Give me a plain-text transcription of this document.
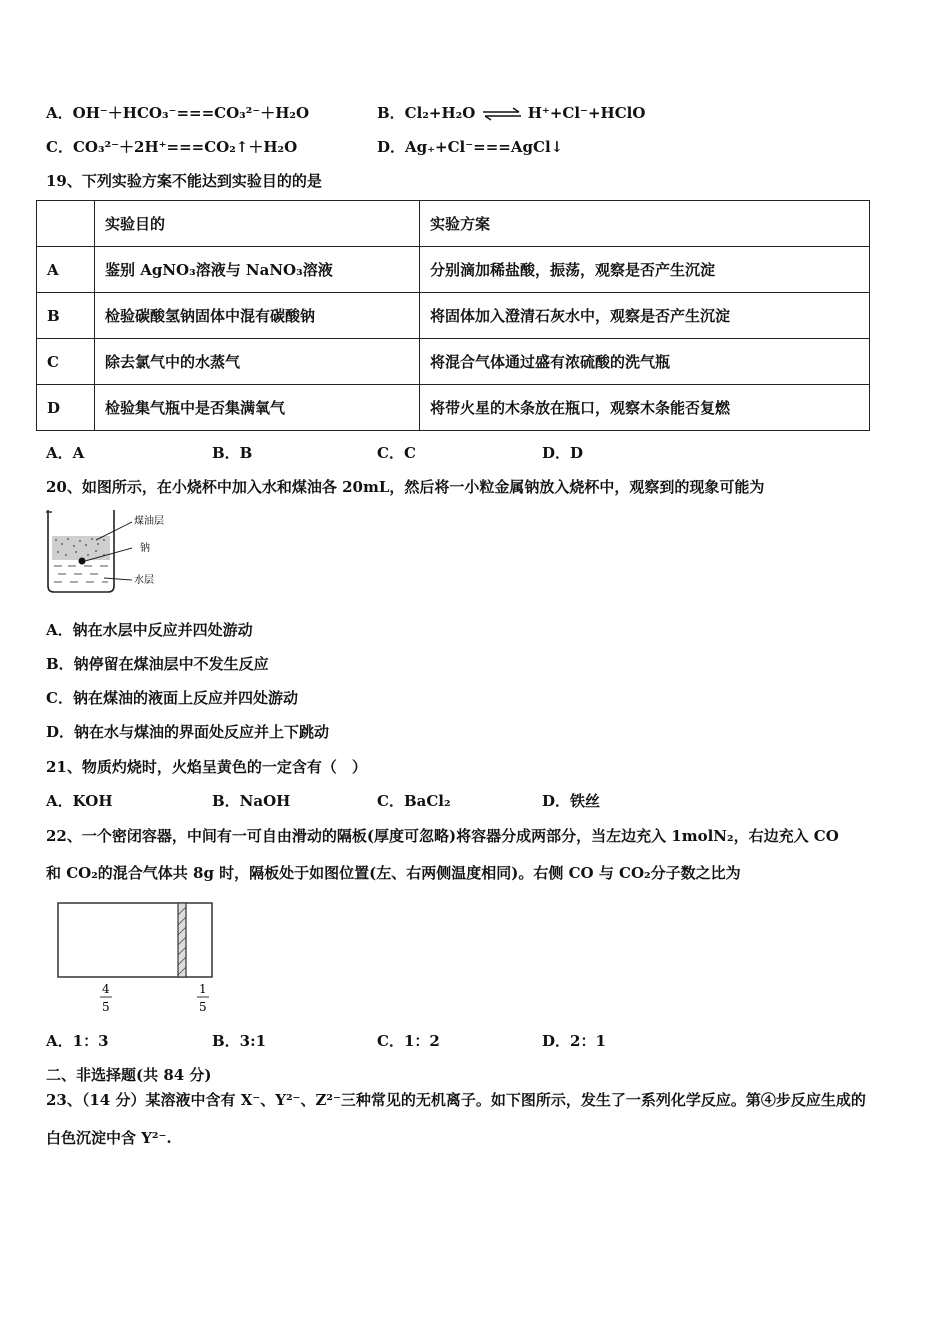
A．OH⁻＋HCO₃⁻===CO₃²⁻＋H₂O	B．Cl₂+H₂O ⇌ H⁺+Cl⁻+HClO
C．CO₃²⁻＋2H⁺===CO₂↑＋H₂O	D．Ag₊+Cl⁻===AgCl↓
19、下列实验方案不能达到实验目的的是
	实验目的	实验方案
A	鉴别 AgNO₃溶液与 NaNO₃溶液	分别滴加稀盐酸，振荡，观察是否产生沉淀
B	检验碳酸氢钠固体中混有碳酸钠	将固体加入澄清石灰水中，观察是否产生沉淀
C	除去氯气中的水蒸气	将混合气体通过盛有浓硫酸的洗气瓶
D	检验集气瓶中是否集满氧气	将带火星的木条放在瓶口，观察木条能否复燃
A．A	B．B	C．C	D．D
20、如图所示，在小烧杯中加入水和煤油各 20mL，然后将一小粒金属钠放入烧杯中，观察到的现象可能为
煤油层
钠
水层
A．钠在水层中反应并四处游动
B．钠停留在煤油层中不发生反应
C．钠在煤油的液面上反应并四处游动
D．钠在水与煤油的界面处反应并上下跳动
21、物质灼烧时，火焰呈黄色的一定含有（　）
A．KOH	B．NaOH	C．BaCl₂	D．铁丝
22、一个密闭容器，中间有一可自由滑动的隔板(厚度可忽略)将容器分成两部分，当左边充入 1molN₂，右边充入 CO
和 CO₂的混合气体共 8g 时，隔板处于如图位置(左、右两侧温度相同)。右侧 CO 与 CO₂分子数之比为
4
5
1
5
A．1：3	B．3:1	C．1：2	D．2：1
二、非选择题(共 84 分)
23、（14 分）某溶液中含有 X⁻、Y²⁻、Z²⁻三种常见的无机离子。如下图所示，发生了一系列化学反应。第④步反应生成的
白色沉淀中含 Y²⁻.
